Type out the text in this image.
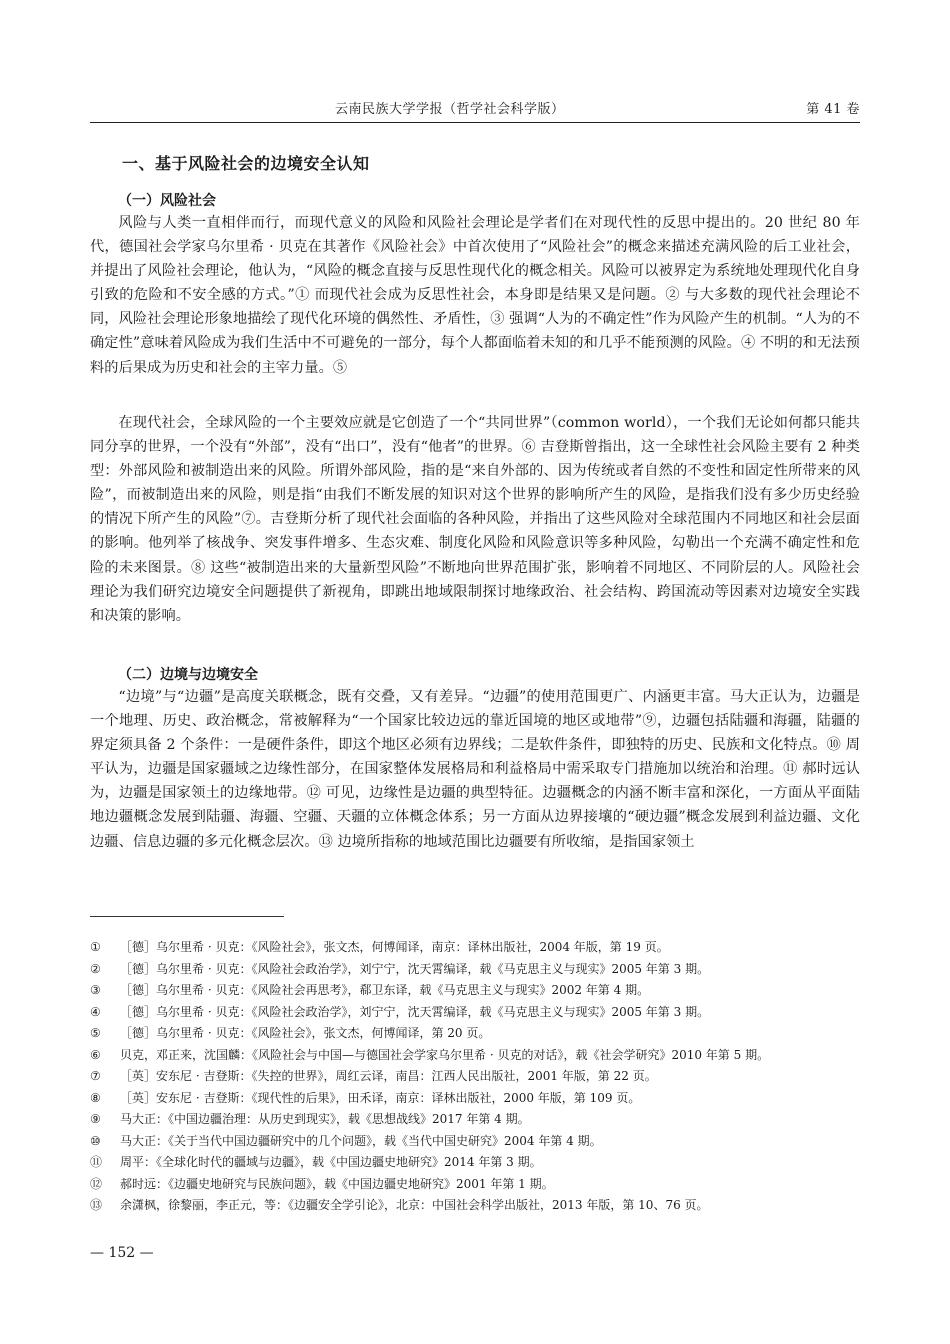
云南民族大学学报（哲学社会科学版）	第 41 卷
一、基于风险社会的边境安全认知
（一）风险社会

风险与人类一直相伴而行，而现代意义的风险和风险社会理论是学者们在对现代性的反思中提出的。20 世纪 80 年代，德国社会学家乌尔里希 · 贝克在其著作《风险社会》中首次使用了“风险社会”的概念来描述充满风险的后工业社会，并提出了风险社会理论，他认为，“风险的概念直接与反思性现代化的概念相关。风险可以被界定为系统地处理现代化自身引致的危险和不安全感的方式。”① 而现代社会成为反思性社会，本身即是结果又是问题。② 与大多数的现代社会理论不同，风险社会理论形象地描绘了现代化环境的偶然性、矛盾性，③ 强调“人为的不确定性”作为风险产生的机制。“人为的不确定性”意味着风险成为我们生活中不可避免的一部分，每个人都面临着未知的和几乎不能预测的风险。④ 不明的和无法预料的后果成为历史和社会的主宰力量。⑤

在现代社会，全球风险的一个主要效应就是它创造了一个“共同世界”（common world），一个我们无论如何都只能共同分享的世界，一个没有“外部”，没有“出口”，没有“他者”的世界。⑥ 吉登斯曾指出，这一全球性社会风险主要有 2 种类型：外部风险和被制造出来的风险。所谓外部风险，指的是“来自外部的、因为传统或者自然的不变性和固定性所带来的风险”，而被制造出来的风险，则是指“由我们不断发展的知识对这个世界的影响所产生的风险，是指我们没有多少历史经验的情况下所产生的风险”⑦。吉登斯分析了现代社会面临的各种风险，并指出了这些风险对全球范围内不同地区和社会层面的影响。他列举了核战争、突发事件增多、生态灾难、制度化风险和风险意识等多种风险，勾勒出一个充满不确定性和危险的未来图景。⑧ 这些“被制造出来的大量新型风险”不断地向世界范围扩张，影响着不同地区、不同阶层的人。风险社会理论为我们研究边境安全问题提供了新视角，即跳出地域限制探讨地缘政治、社会结构、跨国流动等因素对边境安全实践和决策的影响。

（二）边境与边境安全

“边境”与“边疆”是高度关联概念，既有交叠，又有差异。“边疆”的使用范围更广、内涵更丰富。马大正认为，边疆是一个地理、历史、政治概念，常被解释为“一个国家比较边远的靠近国境的地区或地带”⑨，边疆包括陆疆和海疆，陆疆的界定须具备 2 个条件：一是硬件条件，即这个地区必须有边界线；二是软件条件，即独特的历史、民族和文化特点。⑩ 周平认为，边疆是国家疆域之边缘性部分，在国家整体发展格局和利益格局中需采取专门措施加以统治和治理。⑪ 郝时远认为，边疆是国家领土的边缘地带。⑫ 可见，边缘性是边疆的典型特征。边疆概念的内涵不断丰富和深化，一方面从平面陆地边疆概念发展到陆疆、海疆、空疆、天疆的立体概念体系；另一方面从边界接壤的“硬边疆”概念发展到利益边疆、文化边疆、信息边疆的多元化概念层次。⑬ 边境所指称的地域范围比边疆要有所收缩，是指国家领土

①	［德］乌尔里希 · 贝克：《风险社会》，张文杰，何博闻译，南京：译林出版社，2004 年版，第 19 页。
②	［德］乌尔里希 · 贝克：《风险社会政治学》，刘宁宁，沈天霄编译，载《马克思主义与现实》2005 年第 3 期。
③	［德］乌尔里希 · 贝克：《风险社会再思考》，郗卫东译，载《马克思主义与现实》2002 年第 4 期。
④	［德］乌尔里希 · 贝克：《风险社会政治学》，刘宁宁，沈天霄编译，载《马克思主义与现实》2005 年第 3 期。
⑤	［德］乌尔里希 · 贝克：《风险社会》，张文杰，何博闻译，第 20 页。
⑥	贝克，邓正来，沈国麟：《风险社会与中国—与德国社会学家乌尔里希 · 贝克的对话》，载《社会学研究》2010 年第 5 期。
⑦	［英］安东尼 · 吉登斯：《失控的世界》，周红云译，南昌：江西人民出版社，2001 年版，第 22 页。
⑧	［英］安东尼 · 吉登斯：《现代性的后果》，田禾译，南京：译林出版社，2000 年版，第 109 页。
⑨	马大正：《中国边疆治理：从历史到现实》，载《思想战线》2017 年第 4 期。
⑩	马大正：《关于当代中国边疆研究中的几个问题》，载《当代中国史研究》2004 年第 4 期。
⑪	周平：《全球化时代的疆域与边疆》，载《中国边疆史地研究》2014 年第 3 期。
⑫	郝时远：《边疆史地研究与民族问题》，载《中国边疆史地研究》2001 年第 1 期。
⑬	余潇枫，徐黎丽，李正元，等：《边疆安全学引论》，北京：中国社会科学出版社，2013 年版，第 10、76 页。
— 152 —
